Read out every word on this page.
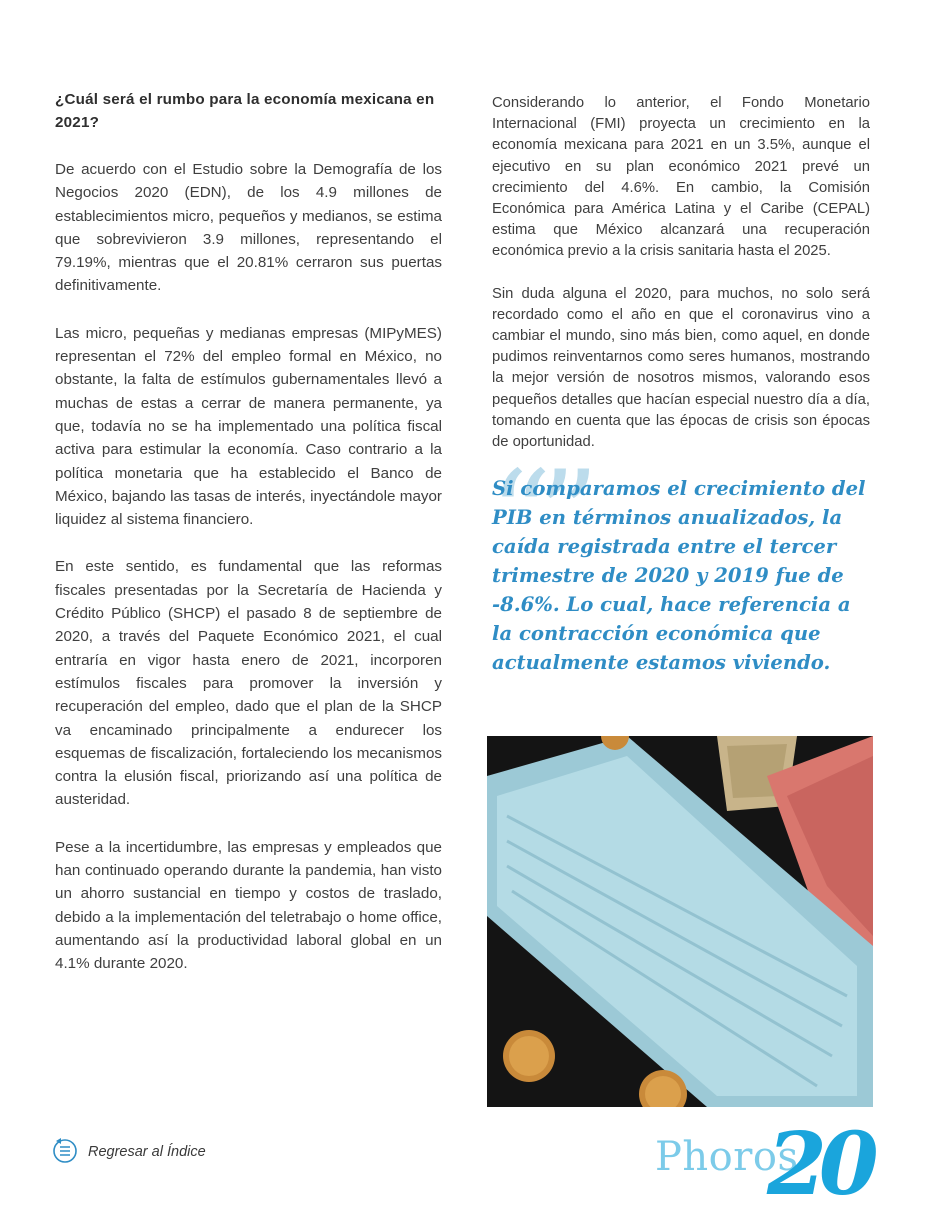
¿Cuál será el rumbo para la economía mexicana en 2021?

De acuerdo con el Estudio sobre la Demografía de los Negocios 2020 (EDN), de los 4.9 millones de establecimientos micro, pequeños y medianos, se estima que sobrevivieron 3.9 millones, representando el 79.19%, mientras que el 20.81% cerraron sus puertas definitivamente.

Las micro, pequeñas y medianas empresas (MIPyMES) representan el 72% del empleo formal en México, no obstante, la falta de estímulos gubernamentales llevó a muchas de estas a cerrar de manera permanente, ya que, todavía no se ha implementado una política fiscal activa para estimular la economía. Caso contrario a la política monetaria que ha establecido el Banco de México, bajando las tasas de interés, inyectándole mayor liquidez al sistema financiero.

En este sentido, es fundamental que las reformas fiscales presentadas por la Secretaría de Hacienda y Crédito Público (SHCP) el pasado 8 de septiembre de 2020, a través del Paquete Económico 2021, el cual entraría en vigor hasta enero de 2021, incorporen estímulos fiscales para promover la inversión y recuperación del empleo, dado que el plan de la SHCP va encaminado principalmente a endurecer los esquemas de fiscalización, fortaleciendo los mecanismos contra la elusión fiscal, priorizando así una política de austeridad.

Pese a la incertidumbre, las empresas y empleados que han continuado operando durante la pandemia, han visto un ahorro sustancial en tiempo y costos de traslado, debido a la implementación del teletrabajo o home office, aumentando así la productividad laboral global en un 4.1% durante 2020.

Considerando lo anterior, el Fondo Monetario Internacional (FMI) proyecta un crecimiento en la economía mexicana para 2021 en un 3.5%, aunque el ejecutivo en su plan económico 2021 prevé un crecimiento del 4.6%. En cambio, la Comisión Económica para América Latina y el Caribe (CEPAL) estima que México alcanzará una recuperación económica previo a la crisis sanitaria hasta el 2025.

Sin duda alguna el 2020, para muchos, no solo será recordado como el año en que el coronavirus vino a cambiar el mundo, sino más bien, como aquel, en donde pudimos reinventarnos como seres humanos, mostrando la mejor versión de nosotros mismos, valorando esos pequeños detalles que hacían especial nuestro día a día, tomando en cuenta que las épocas de crisis son épocas de oportunidad.

“”

Si comparamos el crecimiento del PIB en términos anualizados, la caída registrada entre el tercer trimestre de 2020 y 2019 fue de -8.6%. Lo cual, hace referencia a la contracción económica que actualmente estamos viviendo.

Regresar al Índice	Phoros
20
